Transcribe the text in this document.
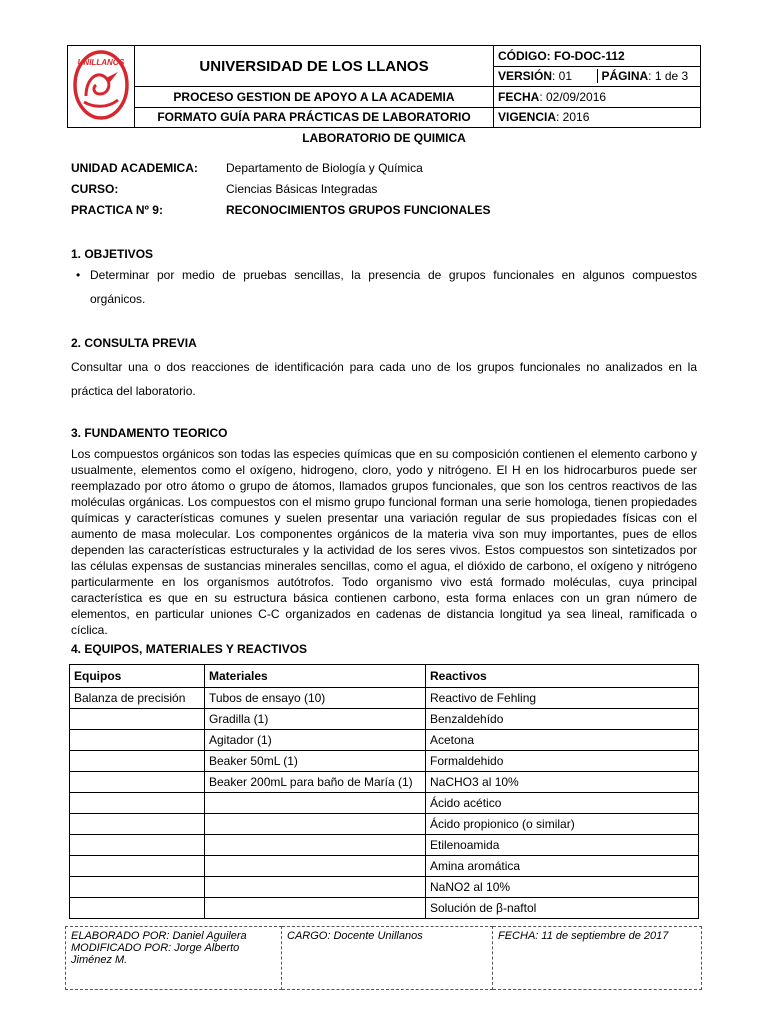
UNILLANOS	UNIVERSIDAD DE LOS LLANOS	CÓDIGO: FO-DOC-112

		VERSIÓN: 01 PÁGINA: 1 de 3

	PROCESO GESTION DE APOYO A LA ACADEMIA	FECHA: 02/09/2016
	FORMATO GUÍA PARA PRÁCTICAS DE LABORATORIO	VIGENCIA: 2016
LABORATORIO DE QUIMICA
UNIDAD ACADEMICA:	Departamento de Biología y Química
CURSO:	Ciencias Básicas Integradas
PRACTICA Nº 9:	RECONOCIMIENTOS GRUPOS FUNCIONALES
1. OBJETIVOS
• Determinar por medio de pruebas sencillas, la presencia de grupos funcionales en algunos compuestos orgánicos.
2. CONSULTA PREVIA
Consultar una o dos reacciones de identificación para cada uno de los grupos funcionales no analizados en la práctica del laboratorio.
3. FUNDAMENTO TEORICO
Los compuestos orgánicos son todas las especies químicas que en su composición contienen el elemento carbono y usualmente, elementos como el oxígeno, hidrogeno, cloro, yodo y nitrógeno. El H en los hidrocarburos puede ser reemplazado por otro átomo o grupo de átomos, llamados grupos funcionales, que son los centros reactivos de las moléculas orgánicas. Los compuestos con el mismo grupo funcional forman una serie homologa, tienen propiedades químicas y características comunes y suelen presentar una variación regular de sus propiedades físicas con el aumento de masa molecular. Los componentes orgánicos de la materia viva son muy importantes, pues de ellos dependen las características estructurales y la actividad de los seres vivos. Estos compuestos son sintetizados por las células expensas de sustancias minerales sencillas, como el agua, el dióxido de carbono, el oxígeno y nitrógeno particularmente en los organismos autótrofos. Todo organismo vivo está formado moléculas, cuya principal característica es que en su estructura básica contienen carbono, esta forma enlaces con un gran número de elementos, en particular uniones C-C organizados en cadenas de distancia longitud ya sea lineal, ramificada o cíclica.
4. EQUIPOS, MATERIALES Y REACTIVOS
Equipos	Materiales	Reactivos
Balanza de precisión	Tubos de ensayo (10)	Reactivo de Fehling
	Gradilla (1)	Benzaldehído
	Agitador (1)	Acetona
	Beaker 50mL (1)	Formaldehido
	Beaker 200mL para baño de María (1)	NaCHO3 al 10%
		Ácido acético
		Ácido propionico (o similar)
		Etilenoamida
		Amina aromática
		NaNO2 al 10%
		Solución de β-naftol
ELABORADO POR: Daniel Aguilera
MODIFICADO POR: Jorge Alberto Jiménez M.
	CARGO: Docente Unillanos	FECHA: 11 de septiembre de 2017
